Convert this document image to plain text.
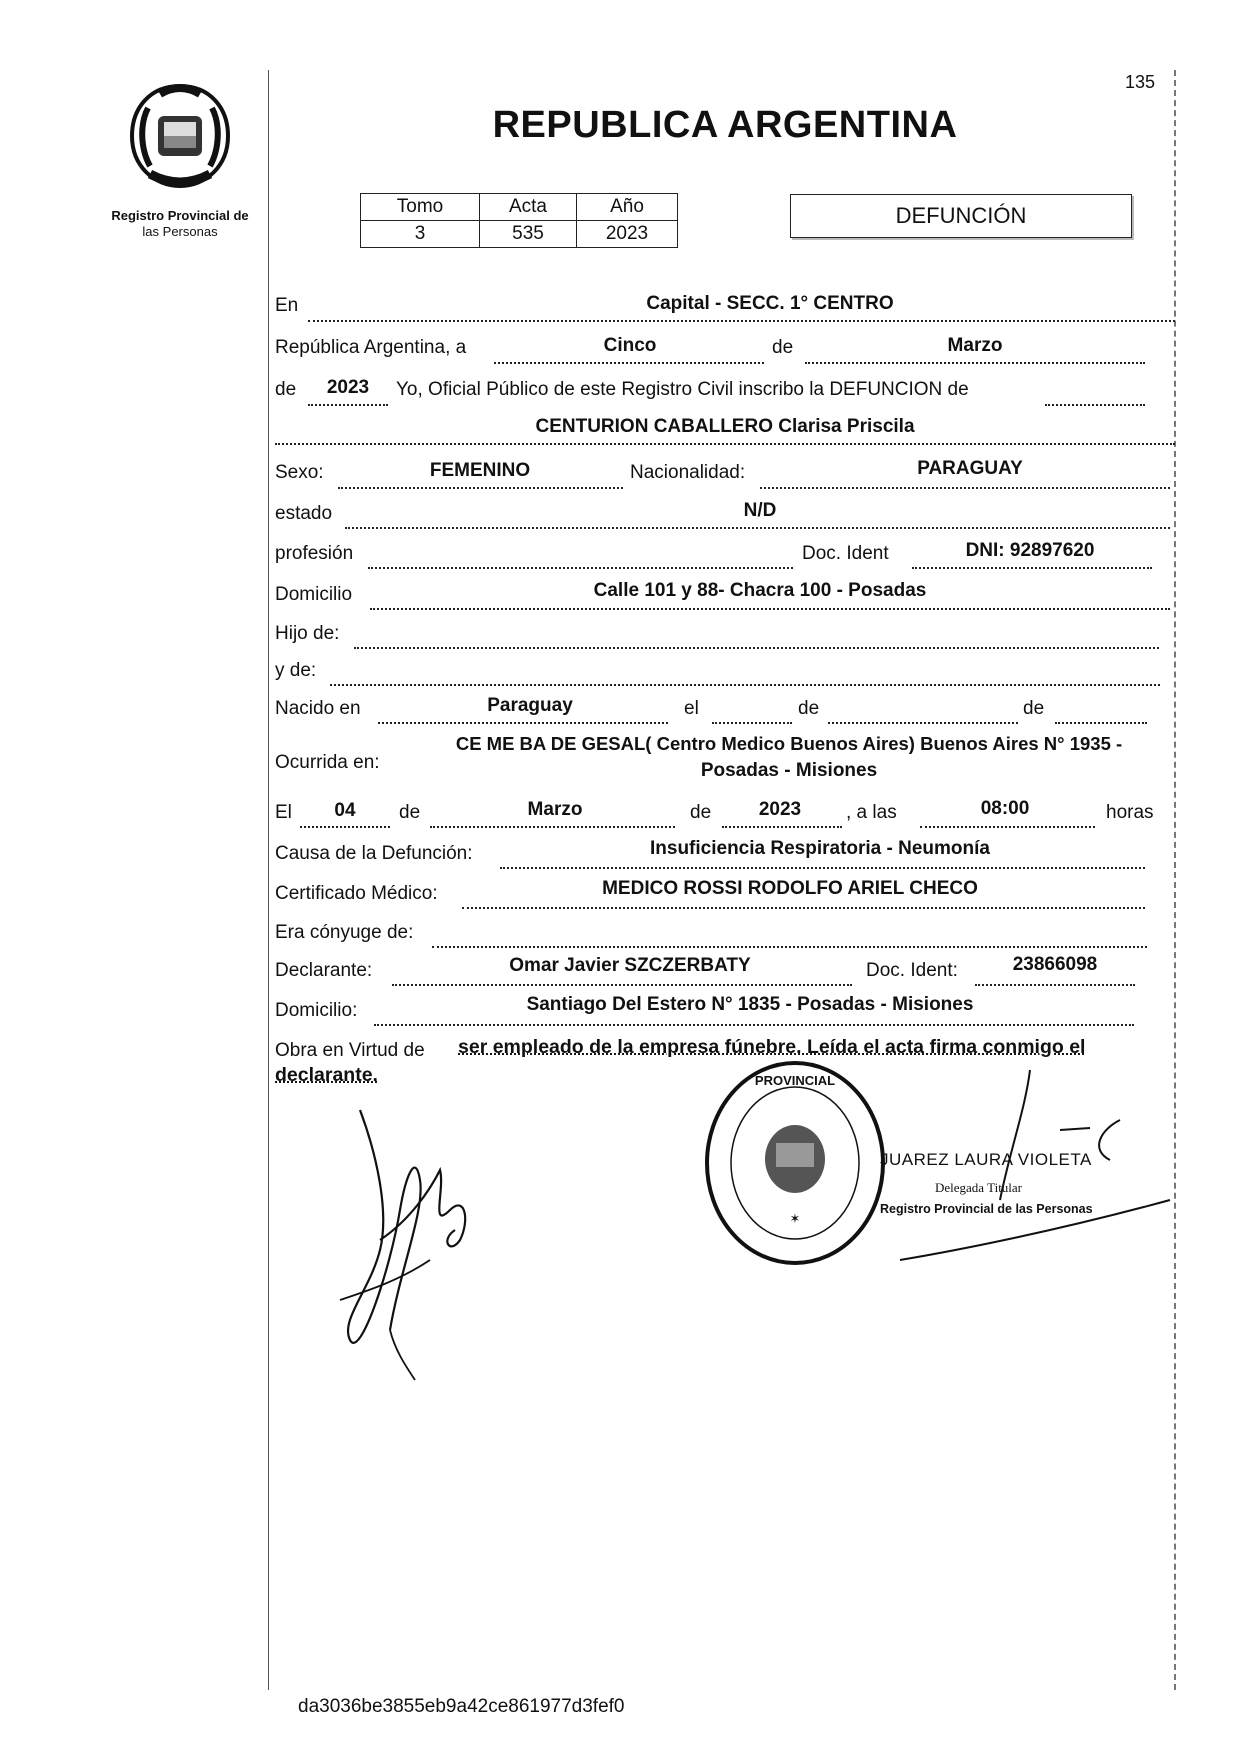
135
Registro Provincial de
las Personas
REPUBLICA ARGENTINA
Tomo	Acta	Año
3	535	2023
DEFUNCIÓN
En	Capital - SECC. 1° CENTRO
República Argentina, a	Cinco	de	Marzo
de	2023	Yo, Oficial Público de este Registro Civil inscribo la DEFUNCION de
CENTURION CABALLERO Clarisa Priscila
Sexo:	FEMENINO	Nacionalidad:	PARAGUAY
estado	N/D
profesión	Doc. Ident	DNI: 92897620
Domicilio	Calle 101 y 88- Chacra 100 - Posadas
Hijo de:
y de:
Nacido en	Paraguay	el	de	de
Ocurrida en:
CE ME BA DE GESAL( Centro Medico Buenos Aires) Buenos Aires N° 1935 -
Posadas - Misiones
El	04	de	Marzo	de	2023	, a las	08:00	horas
Causa de la Defunción:	Insuficiencia Respiratoria - Neumonía
Certificado Médico:	MEDICO ROSSI RODOLFO ARIEL CHECO
Era cónyuge de:
Declarante:	Omar Javier SZCZERBATY	Doc. Ident:	23866098
Domicilio:	Santiago Del Estero N° 1835 - Posadas - Misiones
Obra en Virtud de ser empleado de la empresa fúnebre. Leída el acta firma conmigo el
declarante.	PROVINCIAL
✶
JUAREZ LAURA VIOLETA
Delegada Titular
Registro Provincial de las Personas
da3036be3855eb9a42ce861977d3fef0
